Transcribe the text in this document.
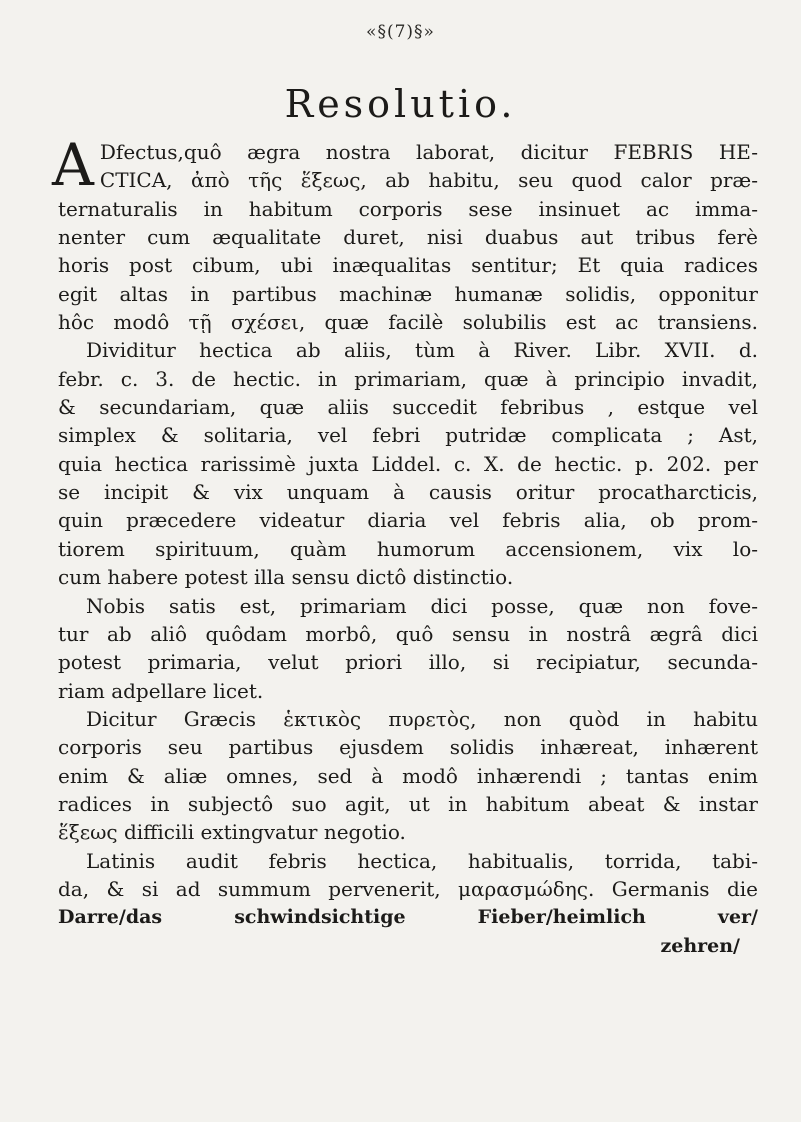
«§(7)§»
Resolutio.
A Dfectus,quô ægra nostra laborat, dicitur FEBRIS HE-
CTICA, ἀπὸ τῆς ἕξεως, ab habitu, seu quod calor præ-
ternaturalis in habitum corporis sese insinuet ac imma-
nenter cum æqualitate duret, nisi duabus aut tribus ferè
horis post cibum, ubi inæqualitas sentitur; Et quia radices
egit altas in partibus machinæ humanæ solidis, opponitur
hôc modô τῇ σχέσει, quæ facilè solubilis est ac transiens.
Dividitur hectica ab aliis, tùm à River. Libr. XVII. d.
febr. c. 3. de hectic. in primariam, quæ à principio invadit,
& secundariam, quæ aliis succedit febribus , estque vel
simplex & solitaria, vel febri putridæ complicata ; Ast,
quia hectica rarissimè juxta Liddel. c. X. de hectic. p. 202. per
se incipit & vix unquam à causis oritur procatharcticis,
quin præcedere videatur diaria vel febris alia, ob prom-
tiorem spirituum, quàm humorum accensionem, vix lo-
cum habere potest illa sensu dictô distinctio.
Nobis satis est, primariam dici posse, quæ non fove-
tur ab aliô quôdam morbô, quô sensu in nostrâ ægrâ dici
potest primaria, velut priori illo, si recipiatur, secunda-
riam adpellare licet.
Dicitur Græcis ἑκτικὸς πυρετὸς, non quòd in habitu
corporis seu partibus ejusdem solidis inhæreat, inhærent
enim & aliæ omnes, sed à modô inhærendi ; tantas enim
radices in subjectô suo agit, ut in habitum abeat & instar
ἕξεως difficili extingvatur negotio.
Latinis audit febris hectica, habitualis, torrida, tabi-
da, & si ad summum pervenerit, μαρασμώδης. Germanis die
Darre/das schwindsichtige Fieber/heimlich ver/
zehren/
